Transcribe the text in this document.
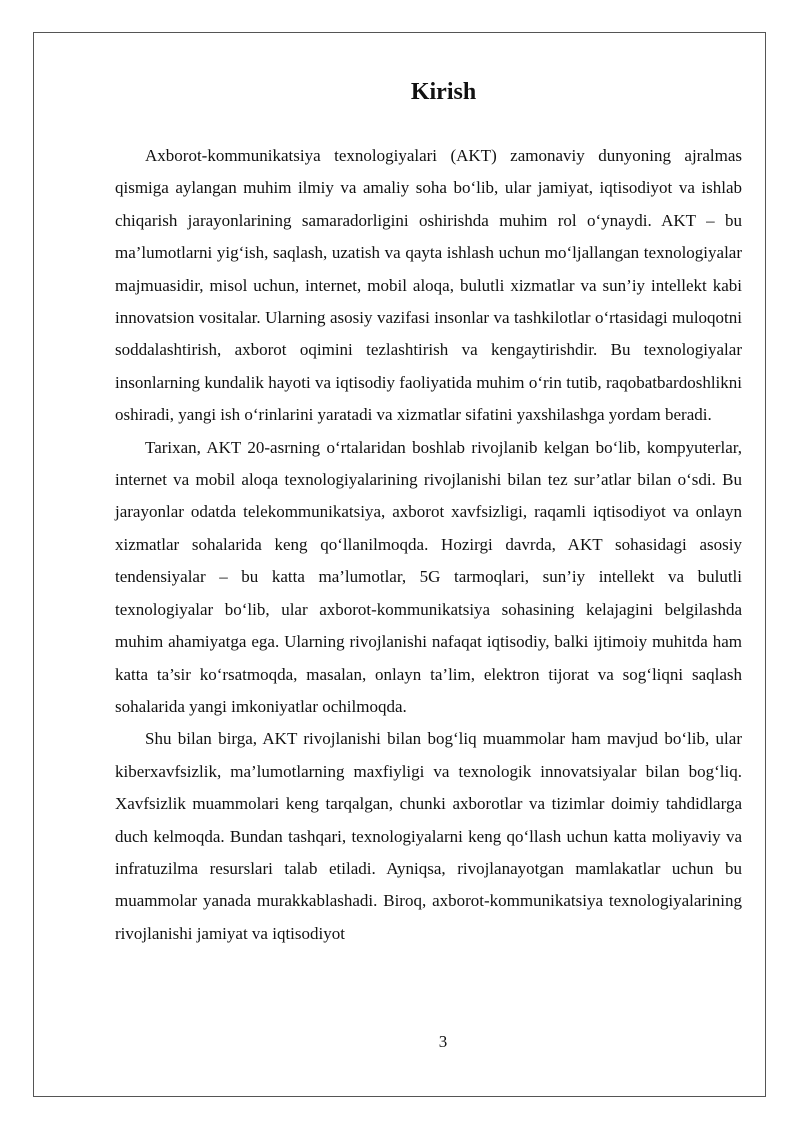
Kirish

Axborot-kommunikatsiya texnologiyalari (AKT) zamonaviy dunyoning ajralmas qismiga aylangan muhim ilmiy va amaliy soha bo‘lib, ular jamiyat, iqtisodiyot va ishlab chiqarish jarayonlarining samaradorligini oshirishda muhim rol o‘ynaydi. AKT – bu ma’lumotlarni yig‘ish, saqlash, uzatish va qayta ishlash uchun mo‘ljallangan texnologiyalar majmuasidir, misol uchun, internet, mobil aloqa, bulutli xizmatlar va sun’iy intellekt kabi innovatsion vositalar. Ularning asosiy vazifasi insonlar va tashkilotlar o‘rtasidagi muloqotni soddalashtirish, axborot oqimini tezlashtirish va kengaytirishdir. Bu texnologiyalar insonlarning kundalik hayoti va iqtisodiy faoliyatida muhim o‘rin tutib, raqobatbardoshlikni oshiradi, yangi ish o‘rinlarini yaratadi va xizmatlar sifatini yaxshilashga yordam beradi.

Tarixan, AKT 20-asrning o‘rtalaridan boshlab rivojlanib kelgan bo‘lib, kompyuterlar, internet va mobil aloqa texnologiyalarining rivojlanishi bilan tez sur’atlar bilan o‘sdi. Bu jarayonlar odatda telekommunikatsiya, axborot xavfsizligi, raqamli iqtisodiyot va onlayn xizmatlar sohalarida keng qo‘llanilmoqda. Hozirgi davrda, AKT sohasidagi asosiy tendensiyalar – bu katta ma’lumotlar, 5G tarmoqlari, sun’iy intellekt va bulutli texnologiyalar bo‘lib, ular axborot-kommunikatsiya sohasining kelajagini belgilashda muhim ahamiyatga ega. Ularning rivojlanishi nafaqat iqtisodiy, balki ijtimoiy muhitda ham katta ta’sir ko‘rsatmoqda, masalan, onlayn ta’lim, elektron tijorat va sog‘liqni saqlash sohalarida yangi imkoniyatlar ochilmoqda.

Shu bilan birga, AKT rivojlanishi bilan bog‘liq muammolar ham mavjud bo‘lib, ular kiberxavfsizlik, ma’lumotlarning maxfiyligi va texnologik innovatsiyalar bilan bog‘liq. Xavfsizlik muammolari keng tarqalgan, chunki axborotlar va tizimlar doimiy tahdidlarga duch kelmoqda. Bundan tashqari, texnologiyalarni keng qo‘llash uchun katta moliyaviy va infratuzilma resurslari talab etiladi. Ayniqsa, rivojlanayotgan mamlakatlar uchun bu muammolar yanada murakkablashadi. Biroq, axborot-kommunikatsiya texnologiyalarining rivojlanishi jamiyat va iqtisodiyot

3
